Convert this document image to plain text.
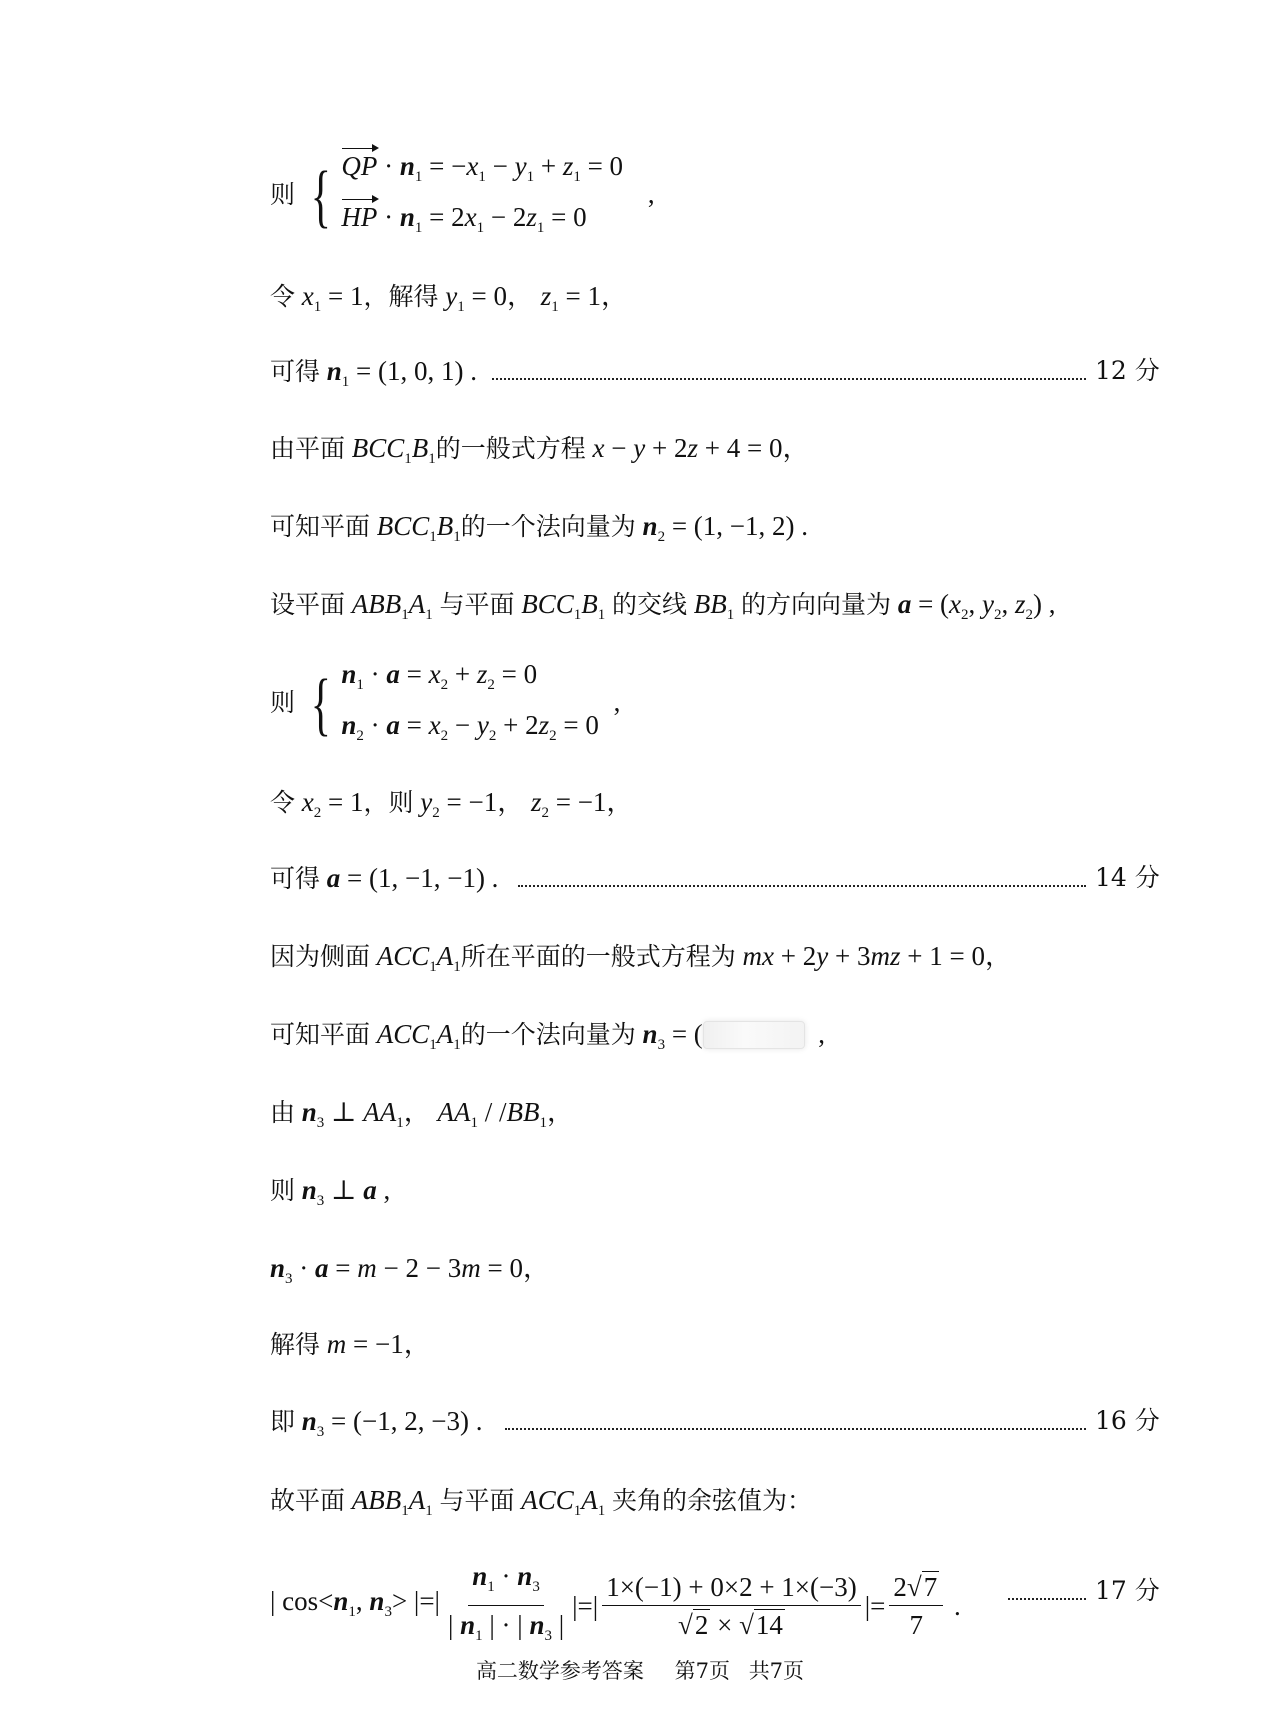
则 { QP · $n_1 = -x_1 - y_1 + z_1 = 0$
HP · $n_1 = 2x_1 - 2z_1 = 0$
,
令 $x_1 = 1$，解得 $y_1 = 0$， $z_1 = 1$，
可得 $n_1 = (1$, 0, 1) .	12 分
由平面 $BCC_1B_1$的一般式方程 x − y + 2z + 4 = 0，
可知平面 $BCC_1B_1$的一个法向量为 $n_2 = (1$, −1, 2) .
设平面 $ABB_1A_1$ 与平面 $BCC_1B_1$ 的交线 $BB_1$ 的方向向量为 $a = (x_2$, $y_2$, $z_2$) ,
则 { $n_1 \cdot a = x_2 + z_2 = 0$
$n_2 \cdot a = x_2 - y_2 + 2z_2 = 0$
,
令 $x_2 = 1$，则 $y_2 = -1$， $z_2 = -1$，
可得 a = (1, −1, −1) .	14 分
因为侧面 $ACC_1A_1$所在平面的一般式方程为 mx + 2y + 3mz + 1 = 0，
可知平面 $ACC_1A_1$的一个法向量为 $n_3$ = (	,
由 $n_3$ ⊥ $AA_1$， $AA_1 / /BB_1$，
则 $n_3$ ⊥ a ,
$n_3 \cdot a = m - 2 - 3m = 0$，
解得 m = −1，
即 $n_3 = (-1$, 2, −3) .	16 分
故平面 $ABB_1A_1$ 与平面 $ACC_1A_1$ 夹角的余弦值为：
| $\cos<n_1$, $n_3>$ |=| $\frac{n_1 \cdot n_3}{| n_1 | \cdot | n_3 |}$ |=| $\frac{1\times(-1) + 0\times 2 + 1\times(-3)}{√2 \times √14}$ |= $\frac{2√7}{7}$ .
17 分
高二数学参考答案 第7页 共7页
